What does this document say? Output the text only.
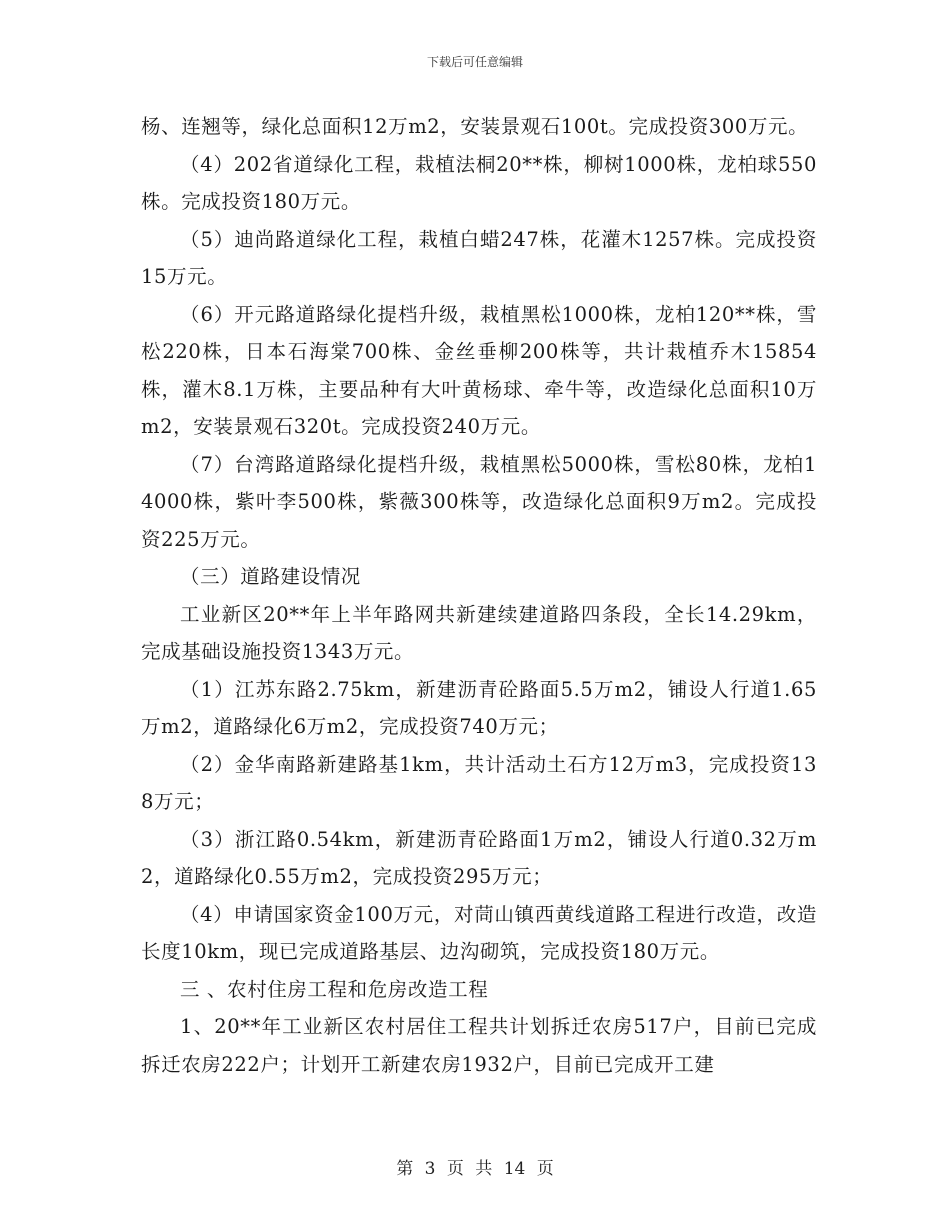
下载后可任意编辑

杨、连翘等，绿化总面积12万m2，安装景观石100t。完成投资300万元。

（4）202省道绿化工程，栽植法桐20**株，柳树1000株，龙柏球550株。完成投资180万元。

（5）迪尚路道绿化工程，栽植白蜡247株，花灌木1257株。完成投资15万元。

（6）开元路道路绿化提档升级，栽植黑松1000株，龙柏120**株，雪松220株，日本石海棠700株、金丝垂柳200株等，共计栽植乔木15854株，灌木8.1万株，主要品种有大叶黄杨球、牵牛等，改造绿化总面积10万m2，安装景观石320t。完成投资240万元。

（7）台湾路道路绿化提档升级，栽植黑松5000株，雪松80株，龙柏14000株，紫叶李500株，紫薇300株等，改造绿化总面积9万m2。完成投资225万元。

（三）道路建设情况

工业新区20**年上半年路网共新建续建道路四条段，全长14.29km，完成基础设施投资1343万元。

（1）江苏东路2.75km，新建沥青砼路面5.5万m2，铺设人行道1.65万m2，道路绿化6万m2，完成投资740万元；

（2）金华南路新建路基1km，共计活动土石方12万m3，完成投资138万元；

（3）浙江路0.54km，新建沥青砼路面1万m2，铺设人行道0.32万m2，道路绿化0.55万m2，完成投资295万元；

（4）申请国家资金100万元，对茼山镇西黄线道路工程进行改造，改造长度10km，现已完成道路基层、边沟砌筑，完成投资180万元。

三 、农村住房工程和危房改造工程

1、20**年工业新区农村居住工程共计划拆迁农房517户，目前已完成拆迁农房222户；计划开工新建农房1932户，目前已完成开工建

第 3 页 共 14 页
